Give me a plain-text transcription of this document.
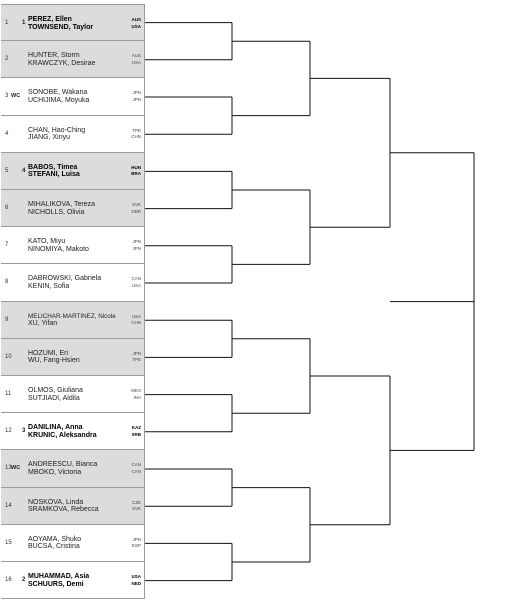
1 1 PEREZ, Ellen
TOWNSEND, Taylor
AUS
USA
2	HUNTER, Storm
KRAWCZYK, Desirae
AUS
USA
3 WC SONOBE, Wakana
UCHIJIMA, Moyuka
JPN
JPN
4	CHAN, Hao-Ching
JIANG, Xinyu
TPE
CHN
5 4 BABOS, Timea
STEFANI, Luisa
HUN
BRA
6	MIHALIKOVA, Tereza
NICHOLLS, Olivia
SVK
GBR
7	KATO, Miyu
NINOMIYA, Makoto
JPN
JPN
8	DABROWSKI, Gabriela
KENIN, Sofia
CAN
USA
9	MELICHAR-MARTINEZ, Nicole
XU, Yifan
USA
CHN
10 HOZUMI, Eri
WU, Fang-Hsien
JPN
TPE
11 OLMOS, Giuliana
SUTJIADI, Aldila
MEX
INA
12 3 DANILINA, Anna
KRUNIC, Aleksandra
KAZ
SRB
13 WC ANDREESCU, Bianca
MBOKO, Victoria
CAN
CAN
14 NOSKOVA, Linda
SRAMKOVA, Rebecca
CZE
SVK
15 AOYAMA, Shuko
BUCSA, Cristina
JPN
ESP
16 2 MUHAMMAD, Asia
SCHUURS, Demi
USA
NED
